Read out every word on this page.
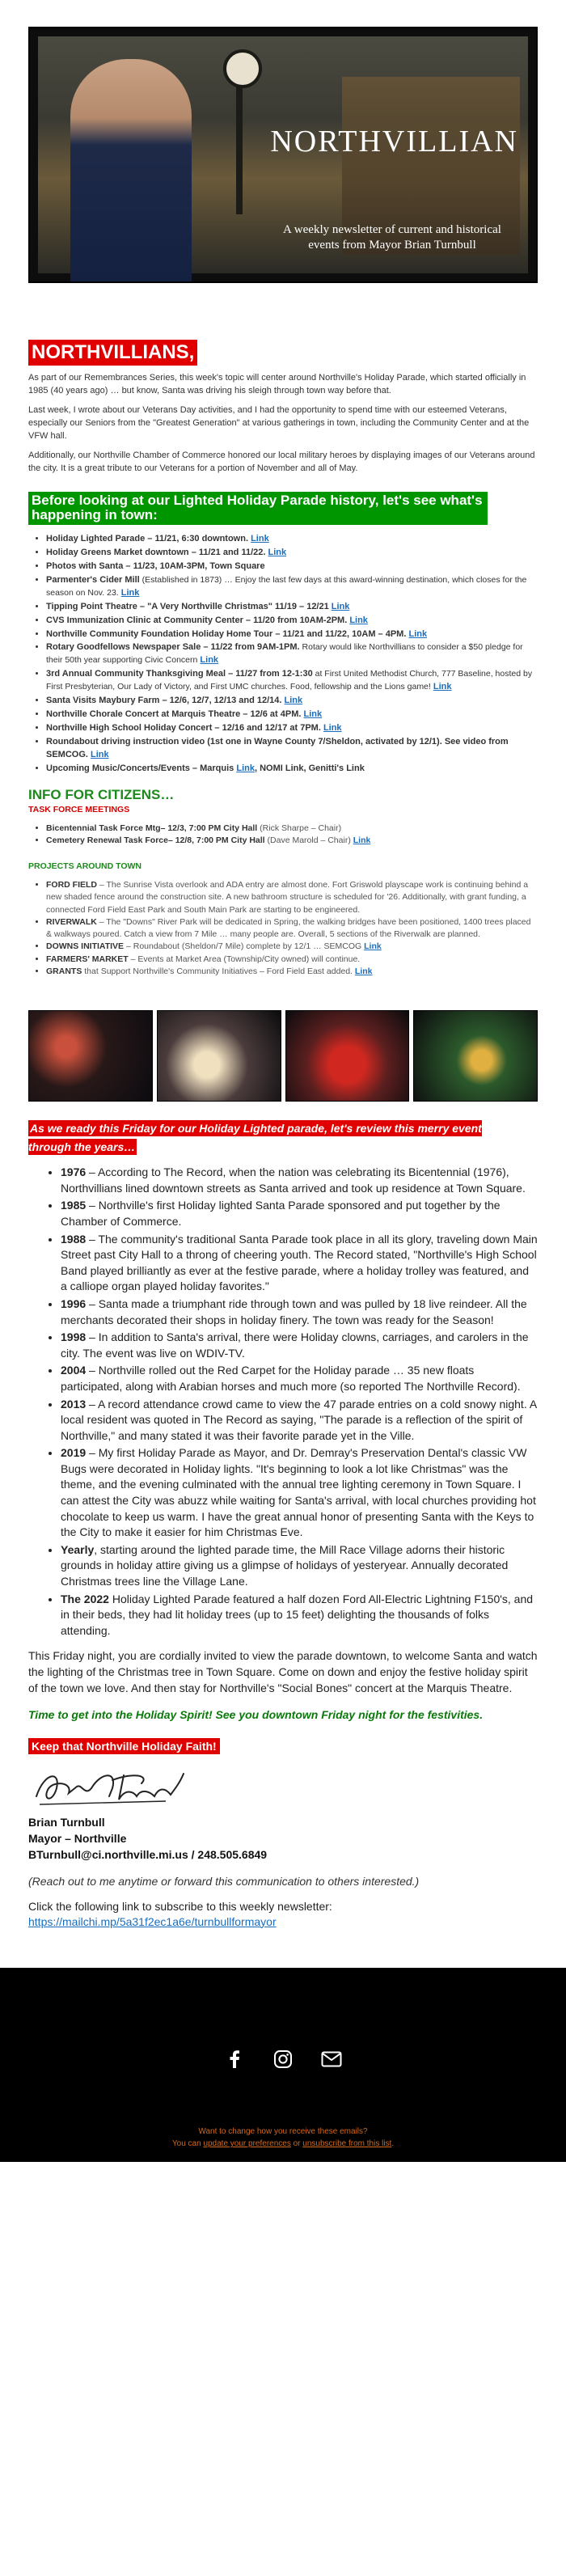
NORTHVILLIAN
A weekly newsletter of current and historical events from Mayor Brian Turnbull
NORTHVILLIANS,

As part of our Remembrances Series, this week's topic will center around Northville's Holiday Parade, which started officially in 1985 (40 years ago) … but know, Santa was driving his sleigh through town way before that.

Last week, I wrote about our Veterans Day activities, and I had the opportunity to spend time with our esteemed Veterans, especially our Seniors from the "Greatest Generation" at various gatherings in town, including the Community Center and at the VFW hall.

Additionally, our Northville Chamber of Commerce honored our local military heroes by displaying images of our Veterans around the city. It is a great tribute to our Veterans for a portion of November and all of May.

Before looking at our Lighted Holiday Parade history, let's see what's happening in town:
• Holiday Lighted Parade – 11/21, 6:30 downtown. Link
• Holiday Greens Market downtown – 11/21 and 11/22. Link
• Photos with Santa – 11/23, 10AM-3PM, Town Square
• Parmenter's Cider Mill (Established in 1873) … Enjoy the last few days at this award-winning destination, which closes for the season on Nov. 23. Link
• Tipping Point Theatre – "A Very Northville Christmas" 11/19 – 12/21 Link
• CVS Immunization Clinic at Community Center – 11/20 from 10AM-2PM. Link
• Northville Community Foundation Holiday Home Tour – 11/21 and 11/22, 10AM – 4PM. Link
• Rotary Goodfellows Newspaper Sale – 11/22 from 9AM-1PM. Rotary would like Northvillians to consider a $50 pledge for their 50th year supporting Civic Concern Link
• 3rd Annual Community Thanksgiving Meal – 11/27 from 12-1:30 at First United Methodist Church, 777 Baseline, hosted by First Presbyterian, Our Lady of Victory, and First UMC churches. Food, fellowship and the Lions game! Link
• Santa Visits Maybury Farm – 12/6, 12/7, 12/13 and 12/14. Link
• Northville Chorale Concert at Marquis Theatre – 12/6 at 4PM. Link
• Northville High School Holiday Concert – 12/16 and 12/17 at 7PM. Link
• Roundabout driving instruction video (1st one in Wayne County 7/Sheldon, activated by 12/1). See video from SEMCOG. Link
• Upcoming Music/Concerts/Events – Marquis Link, NOMI Link, Genitti's Link
INFO FOR CITIZENS…
TASK FORCE MEETINGS
• Bicentennial Task Force Mtg– 12/3, 7:00 PM City Hall (Rick Sharpe – Chair)
• Cemetery Renewal Task Force– 12/8, 7:00 PM City Hall (Dave Marold – Chair) Link
PROJECTS AROUND TOWN
• FORD FIELD – The Sunrise Vista overlook and ADA entry are almost done. Fort Griswold playscape work is continuing behind a new shaded fence around the construction site. A new bathroom structure is scheduled for '26. Additionally, with grant funding, a connected Ford Field East Park and South Main Park are starting to be engineered.
• RIVERWALK – The "Downs" River Park will be dedicated in Spring, the walking bridges have been positioned, 1400 trees placed & walkways poured. Catch a view from 7 Mile … many people are. Overall, 5 sections of the Riverwalk are planned.
• DOWNS INITIATIVE – Roundabout (Sheldon/7 Mile) complete by 12/1 … SEMCOG Link
• FARMERS' MARKET – Events at Market Area (Township/City owned) will continue.
• GRANTS that Support Northville's Community Initiatives – Ford Field East added. Link
As we ready this Friday for our Holiday Lighted parade, let's review this merry event through the years…
• 1976 – According to The Record, when the nation was celebrating its Bicentennial (1976), Northvillians lined downtown streets as Santa arrived and took up residence at Town Square.
• 1985 – Northville's first Holiday lighted Santa Parade sponsored and put together by the Chamber of Commerce.
• 1988 – The community's traditional Santa Parade took place in all its glory, traveling down Main Street past City Hall to a throng of cheering youth. The Record stated, "Northville's High School Band played brilliantly as ever at the festive parade, where a holiday trolley was featured, and a calliope organ played holiday favorites."
• 1996 – Santa made a triumphant ride through town and was pulled by 18 live reindeer. All the merchants decorated their shops in holiday finery. The town was ready for the Season!
• 1998 – In addition to Santa's arrival, there were Holiday clowns, carriages, and carolers in the city. The event was live on WDIV-TV.
• 2004 – Northville rolled out the Red Carpet for the Holiday parade … 35 new floats participated, along with Arabian horses and much more (so reported The Northville Record).
• 2013 – A record attendance crowd came to view the 47 parade entries on a cold snowy night. A local resident was quoted in The Record as saying, "The parade is a reflection of the spirit of Northville," and many stated it was their favorite parade yet in the Ville.
• 2019 – My first Holiday Parade as Mayor, and Dr. Demray's Preservation Dental's classic VW Bugs were decorated in Holiday lights. "It's beginning to look a lot like Christmas" was the theme, and the evening culminated with the annual tree lighting ceremony in Town Square. I can attest the City was abuzz while waiting for Santa's arrival, with local churches providing hot chocolate to keep us warm. I have the great annual honor of presenting Santa with the Keys to the City to make it easier for him Christmas Eve.
• Yearly, starting around the lighted parade time, the Mill Race Village adorns their historic grounds in holiday attire giving us a glimpse of holidays of yesteryear. Annually decorated Christmas trees line the Village Lane.
• The 2022 Holiday Lighted Parade featured a half dozen Ford All-Electric Lightning F150's, and in their beds, they had lit holiday trees (up to 15 feet) delighting the thousands of folks attending.

This Friday night, you are cordially invited to view the parade downtown, to welcome Santa and watch the lighting of the Christmas tree in Town Square. Come on down and enjoy the festive holiday spirit of the town we love. And then stay for Northville's "Social Bones" concert at the Marquis Theatre.

Time to get into the Holiday Spirit! See you downtown Friday night for the festivities.
Keep that Northville Holiday Faith!
Brian Turnbull
Mayor – Northville
BTurnbull@ci.northville.mi.us / 248.505.6849
(Reach out to me anytime or forward this communication to others interested.)
Click the following link to subscribe to this weekly newsletter:
https://mailchi.mp/5a31f2ec1a6e/turnbullformayor
Want to change how you receive these emails?
You can update your preferences or unsubscribe from this list.
